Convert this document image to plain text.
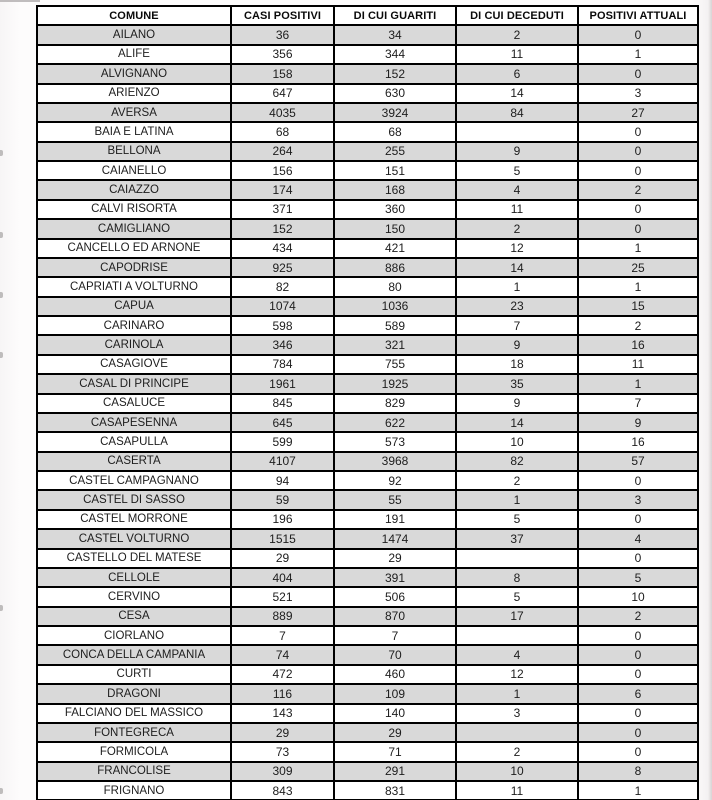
COMUNE	CASI POSITIVI	DI CUI GUARITI	DI CUI DECEDUTI	POSITIVI ATTUALI
AILANO	36	34	2	0
ALIFE	356	344	11	1
ALVIGNANO	158	152	6	0
ARIENZO	647	630	14	3
AVERSA	4035	3924	84	27
BAIA E LATINA	68	68		0
BELLONA	264	255	9	0
CAIANELLO	156	151	5	0
CAIAZZO	174	168	4	2
CALVI RISORTA	371	360	11	0
CAMIGLIANO	152	150	2	0
CANCELLO ED ARNONE	434	421	12	1
CAPODRISE	925	886	14	25
CAPRIATI A VOLTURNO	82	80	1	1
CAPUA	1074	1036	23	15
CARINARO	598	589	7	2
CARINOLA	346	321	9	16
CASAGIOVE	784	755	18	11
CASAL DI PRINCIPE	1961	1925	35	1
CASALUCE	845	829	9	7
CASAPESENNA	645	622	14	9
CASAPULLA	599	573	10	16
CASERTA	4107	3968	82	57
CASTEL CAMPAGNANO	94	92	2	0
CASTEL DI SASSO	59	55	1	3
CASTEL MORRONE	196	191	5	0
CASTEL VOLTURNO	1515	1474	37	4
CASTELLO DEL MATESE	29	29		0
CELLOLE	404	391	8	5
CERVINO	521	506	5	10
CESA	889	870	17	2
CIORLANO	7	7		0
CONCA DELLA CAMPANIA	74	70	4	0
CURTI	472	460	12	0
DRAGONI	116	109	1	6
FALCIANO DEL MASSICO	143	140	3	0
FONTEGRECA	29	29		0
FORMICOLA	73	71	2	0
FRANCOLISE	309	291	10	8
FRIGNANO	843	831	11	1
